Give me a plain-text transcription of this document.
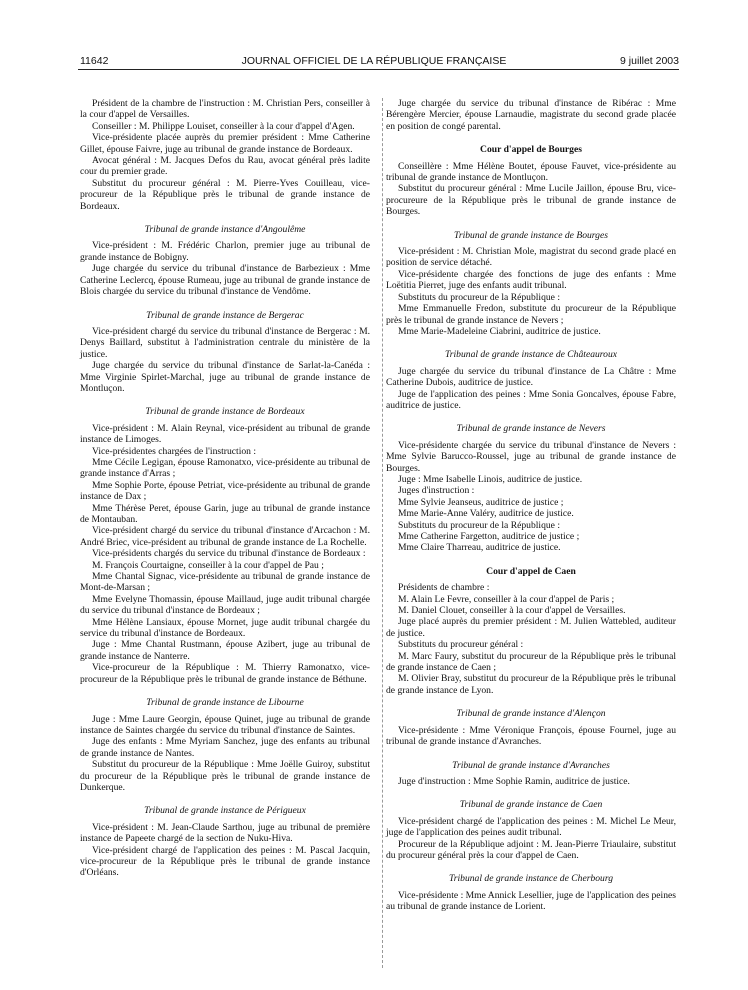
11642	JOURNAL OFFICIEL DE LA RÉPUBLIQUE FRANÇAISE	9 juillet 2003

Président de la chambre de l'instruction : M. Christian Pers, conseiller à la cour d'appel de Versailles.

Conseiller : M. Philippe Louiset, conseiller à la cour d'appel d'Agen.

Vice-présidente placée auprès du premier président : Mme Catherine Gillet, épouse Faivre, juge au tribunal de grande instance de Bordeaux.

Avocat général : M. Jacques Defos du Rau, avocat général près ladite cour du premier grade.

Substitut du procureur général : M. Pierre-Yves Couilleau, vice-procureur de la République près le tribunal de grande instance de Bordeaux.

Tribunal de grande instance d'Angoulême

Vice-président : M. Frédéric Charlon, premier juge au tribunal de grande instance de Bobigny.

Juge chargée du service du tribunal d'instance de Barbezieux : Mme Catherine Leclercq, épouse Rumeau, juge au tribunal de grande instance de Blois chargée du service du tribunal d'instance de Vendôme.

Tribunal de grande instance de Bergerac

Vice-président chargé du service du tribunal d'instance de Bergerac : M. Denys Baillard, substitut à l'administration centrale du ministère de la justice.

Juge chargée du service du tribunal d'instance de Sarlat-la-Canéda : Mme Virginie Spirlet-Marchal, juge au tribunal de grande instance de Montluçon.

Tribunal de grande instance de Bordeaux

Vice-président : M. Alain Reynal, vice-président au tribunal de grande instance de Limoges.

Vice-présidentes chargées de l'instruction :

Mme Cécile Legigan, épouse Ramonatxo, vice-présidente au tribunal de grande instance d'Arras ;

Mme Sophie Porte, épouse Petriat, vice-présidente au tribunal de grande instance de Dax ;

Mme Thérèse Peret, épouse Garin, juge au tribunal de grande instance de Montauban.

Vice-président chargé du service du tribunal d'instance d'Arcachon : M. André Briec, vice-président au tribunal de grande instance de La Rochelle.

Vice-présidents chargés du service du tribunal d'instance de Bordeaux :

M. François Courtaigne, conseiller à la cour d'appel de Pau ;

Mme Chantal Signac, vice-présidente au tribunal de grande instance de Mont-de-Marsan ;

Mme Evelyne Thomassin, épouse Maillaud, juge audit tribunal chargée du service du tribunal d'instance de Bordeaux ;

Mme Hélène Lansiaux, épouse Mornet, juge audit tribunal chargée du service du tribunal d'instance de Bordeaux.

Juge : Mme Chantal Rustmann, épouse Azibert, juge au tribunal de grande instance de Nanterre.

Vice-procureur de la République : M. Thierry Ramonatxo, vice-procureur de la République près le tribunal de grande instance de Béthune.

Tribunal de grande instance de Libourne

Juge : Mme Laure Georgin, épouse Quinet, juge au tribunal de grande instance de Saintes chargée du service du tribunal d'instance de Saintes.

Juge des enfants : Mme Myriam Sanchez, juge des enfants au tribunal de grande instance de Nantes.

Substitut du procureur de la République : Mme Joëlle Guiroy, substitut du procureur de la République près le tribunal de grande instance de Dunkerque.

Tribunal de grande instance de Périgueux

Vice-président : M. Jean-Claude Sarthou, juge au tribunal de première instance de Papeete chargé de la section de Nuku-Hiva.

Vice-président chargé de l'application des peines : M. Pascal Jacquin, vice-procureur de la République près le tribunal de grande instance d'Orléans.

Juge chargée du service du tribunal d'instance de Ribérac : Mme Bérengère Mercier, épouse Larnaudie, magistrate du second grade placée en position de congé parental.

Cour d'appel de Bourges

Conseillère : Mme Hélène Boutet, épouse Fauvet, vice-présidente au tribunal de grande instance de Montluçon.

Substitut du procureur général : Mme Lucile Jaillon, épouse Bru, vice-procureure de la République près le tribunal de grande instance de Bourges.

Tribunal de grande instance de Bourges

Vice-président : M. Christian Mole, magistrat du second grade placé en position de service détaché.

Vice-présidente chargée des fonctions de juge des enfants : Mme Loëtitia Pierret, juge des enfants audit tribunal.

Substituts du procureur de la République :

Mme Emmanuelle Fredon, substitute du procureur de la République près le tribunal de grande instance de Nevers ;

Mme Marie-Madeleine Ciabrini, auditrice de justice.

Tribunal de grande instance de Châteauroux

Juge chargée du service du tribunal d'instance de La Châtre : Mme Catherine Dubois, auditrice de justice.

Juge de l'application des peines : Mme Sonia Goncalves, épouse Fabre, auditrice de justice.

Tribunal de grande instance de Nevers

Vice-présidente chargée du service du tribunal d'instance de Nevers : Mme Sylvie Barucco-Roussel, juge au tribunal de grande instance de Bourges.

Juge : Mme Isabelle Linois, auditrice de justice.

Juges d'instruction :

Mme Sylvie Jeanseus, auditrice de justice ;

Mme Marie-Anne Valéry, auditrice de justice.

Substituts du procureur de la République :

Mme Catherine Fargetton, auditrice de justice ;

Mme Claire Tharreau, auditrice de justice.

Cour d'appel de Caen

Présidents de chambre :

M. Alain Le Fevre, conseiller à la cour d'appel de Paris ;

M. Daniel Clouet, conseiller à la cour d'appel de Versailles.

Juge placé auprès du premier président : M. Julien Wattebled, auditeur de justice.

Substituts du procureur général :

M. Marc Faury, substitut du procureur de la République près le tribunal de grande instance de Caen ;

M. Olivier Bray, substitut du procureur de la République près le tribunal de grande instance de Lyon.

Tribunal de grande instance d'Alençon

Vice-présidente : Mme Véronique François, épouse Fournel, juge au tribunal de grande instance d'Avranches.

Tribunal de grande instance d'Avranches

Juge d'instruction : Mme Sophie Ramin, auditrice de justice.

Tribunal de grande instance de Caen

Vice-président chargé de l'application des peines : M. Michel Le Meur, juge de l'application des peines audit tribunal.

Procureur de la République adjoint : M. Jean-Pierre Triaulaire, substitut du procureur général près la cour d'appel de Caen.

Tribunal de grande instance de Cherbourg

Vice-présidente : Mme Annick Lesellier, juge de l'application des peines au tribunal de grande instance de Lorient.
